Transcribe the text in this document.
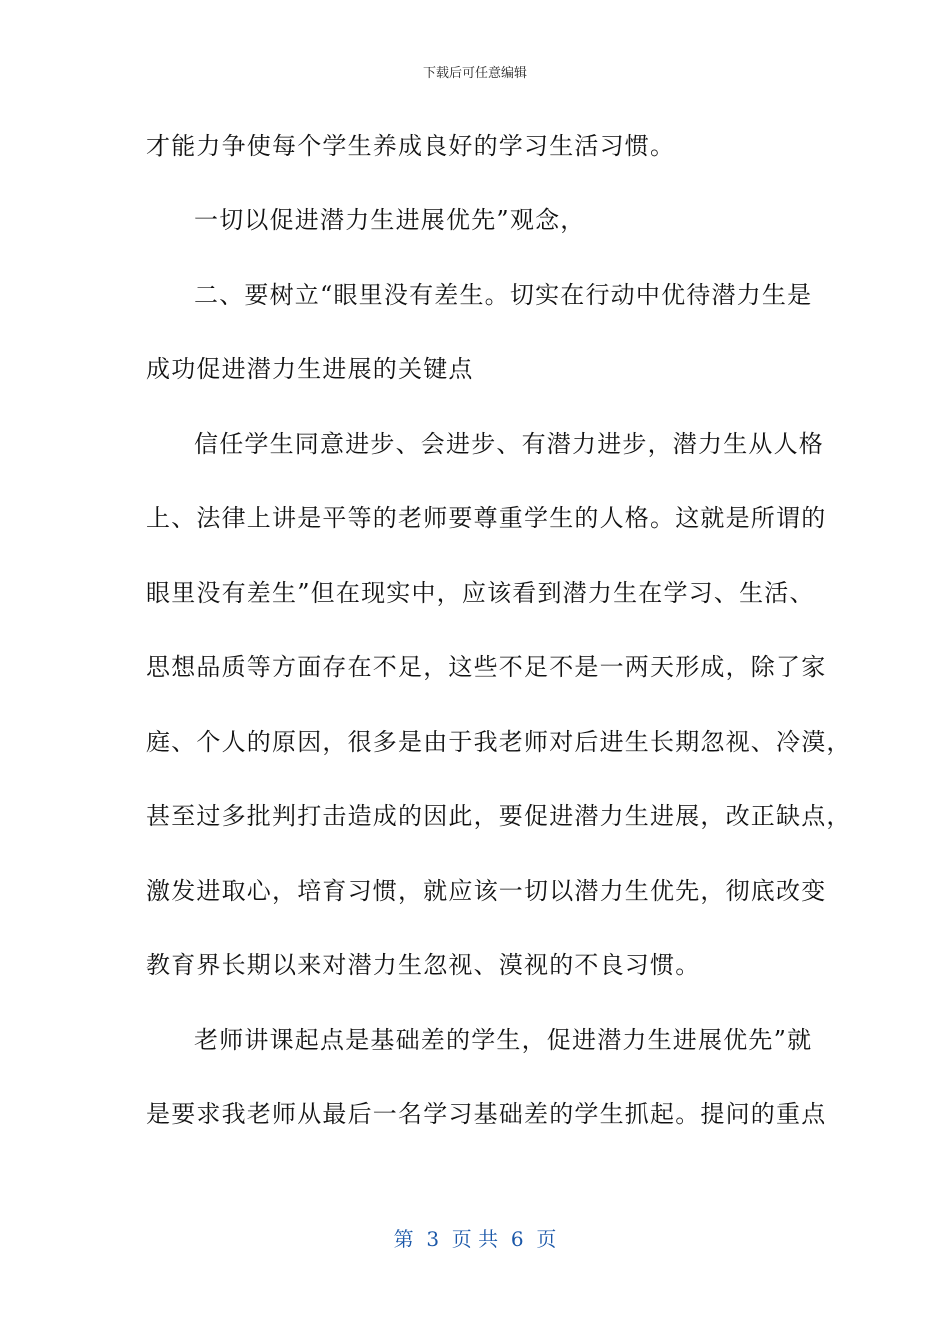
下载后可任意编辑
才能力争使每个学生养成良好的学习生活习惯。
一切以促进潜力生进展优先”观念，
二、要树立“眼里没有差生。切实在行动中优待潜力生是
成功促进潜力生进展的关键点
信任学生同意进步、会进步、有潜力进步，潜力生从人格
上、法律上讲是平等的老师要尊重学生的人格。这就是所谓的
眼里没有差生”但在现实中，应该看到潜力生在学习、生活、
思想品质等方面存在不足，这些不足不是一两天形成，除了家
庭、个人的原因，很多是由于我老师对后进生长期忽视、冷漠，
甚至过多批判打击造成的因此，要促进潜力生进展，改正缺点，
激发进取心，培育习惯，就应该一切以潜力生优先，彻底改变
教育界长期以来对潜力生忽视、漠视的不良习惯。
老师讲课起点是基础差的学生，促进潜力生进展优先”就
是要求我老师从最后一名学习基础差的学生抓起。提问的重点
第  3  页 共  6  页
